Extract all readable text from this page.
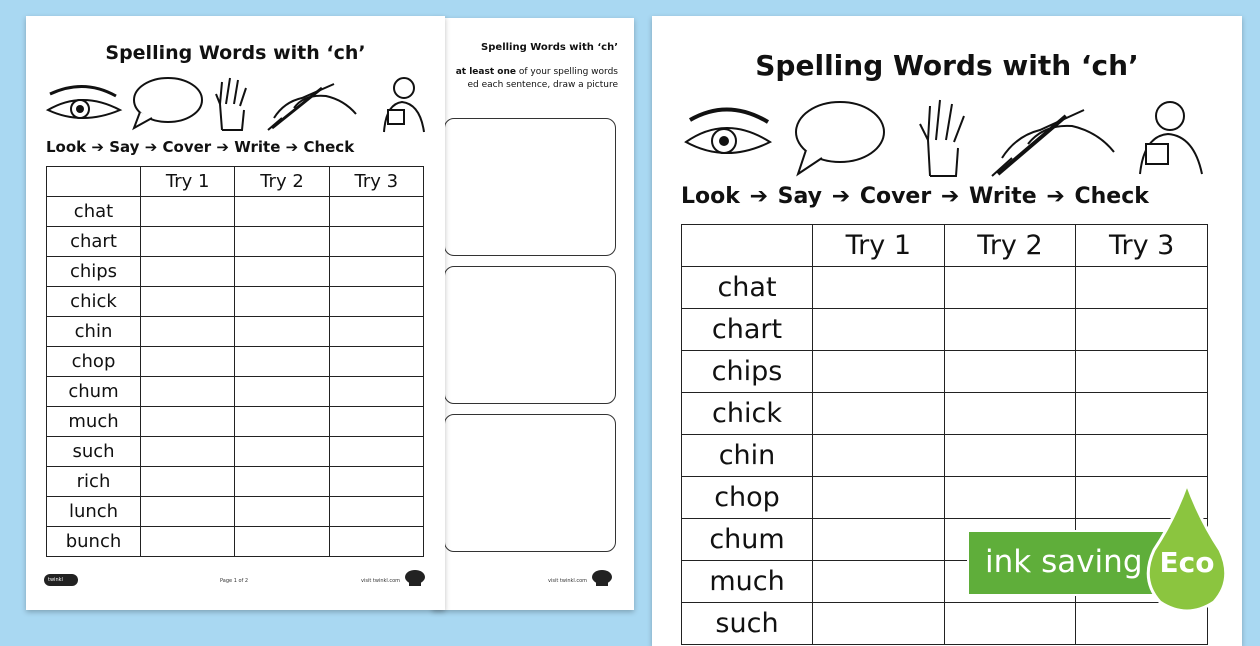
Spelling Words with ‘ch’
at least one of your spelling words
ed each sentence, draw a picture
visit twinkl.com
Spelling Words with ‘ch’
Look ➔ Say ➔ Cover ➔ Write ➔ Check
	Try 1	Try 2	Try 3
chat			
chart			
chips			
chick			
chin			
chop			
chum			
much			
such			
rich			
lunch			
bunch			
twinkl	Page 1 of 2	visit twinkl.com
Spelling Words with ‘ch’
Look ➔ Say ➔ Cover ➔ Write ➔ Check
	Try 1	Try 2	Try 3
chat			
chart			
chips			
chick			
chin			
chop			
chum			
much			
such			
ink saving Eco
